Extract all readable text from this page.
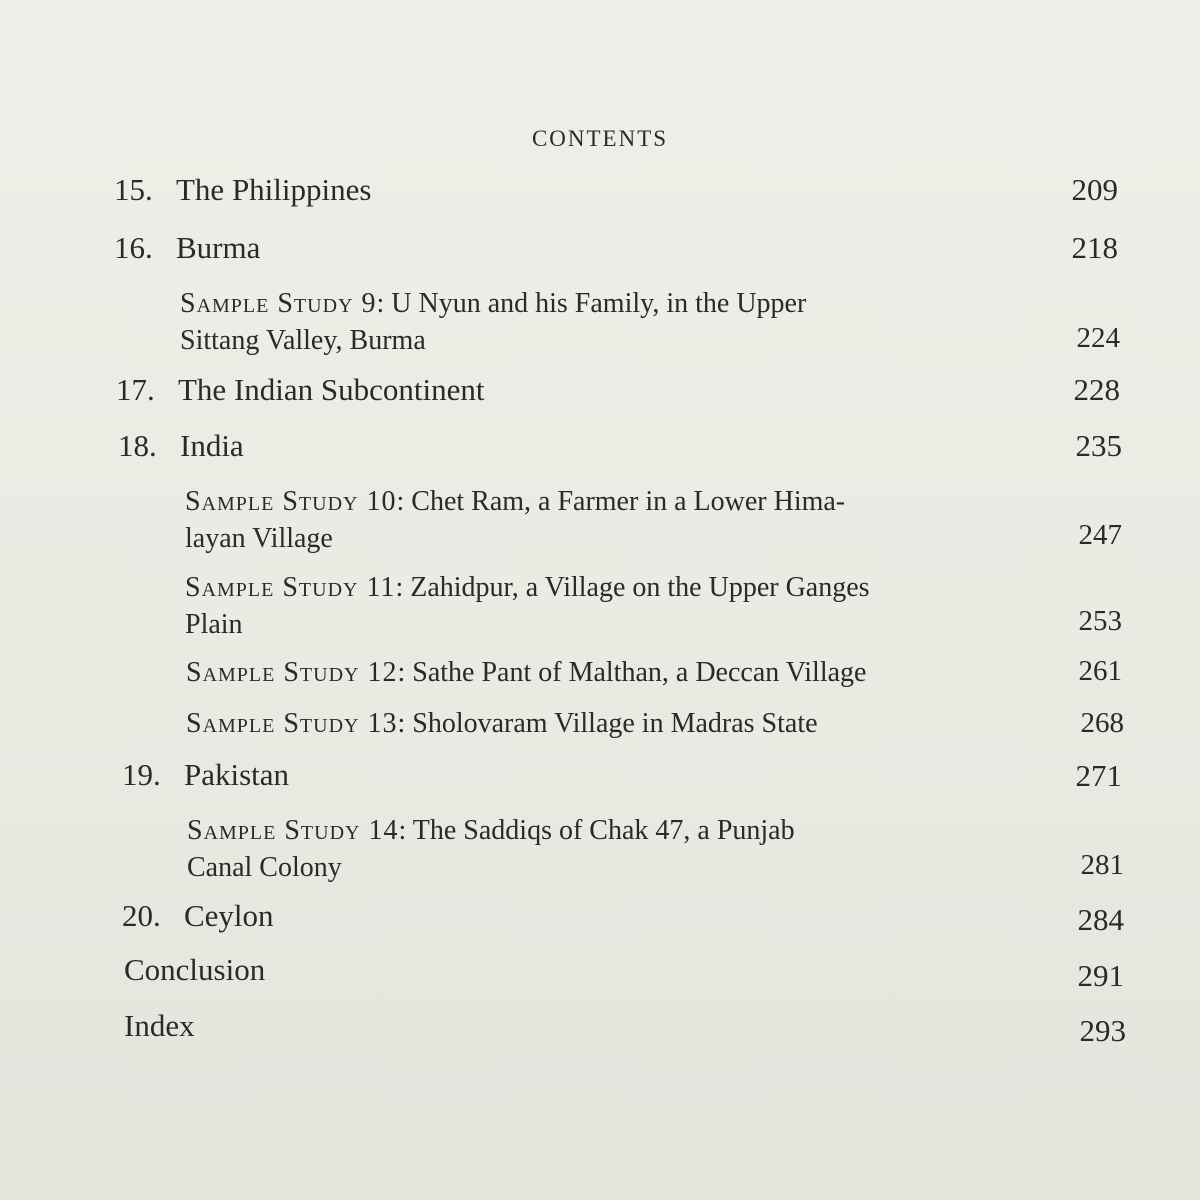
CONTENTS
15. The Philippines	209
16. Burma	218
Sample Study 9: U Nyun and his Family, in the Upper
Sittang Valley, Burma	224
17. The Indian Subcontinent	228
18. India	235
Sample Study 10: Chet Ram, a Farmer in a Lower Hima-
layan Village	247
Sample Study 11: Zahidpur, a Village on the Upper Ganges
Plain	253
Sample Study 12: Sathe Pant of Malthan, a Deccan Village	261
Sample Study 13: Sholovaram Village in Madras State	268
19. Pakistan	271
Sample Study 14: The Saddiqs of Chak 47, a Punjab
Canal Colony	281
20. Ceylon	284
Conclusion	291
Index	293
